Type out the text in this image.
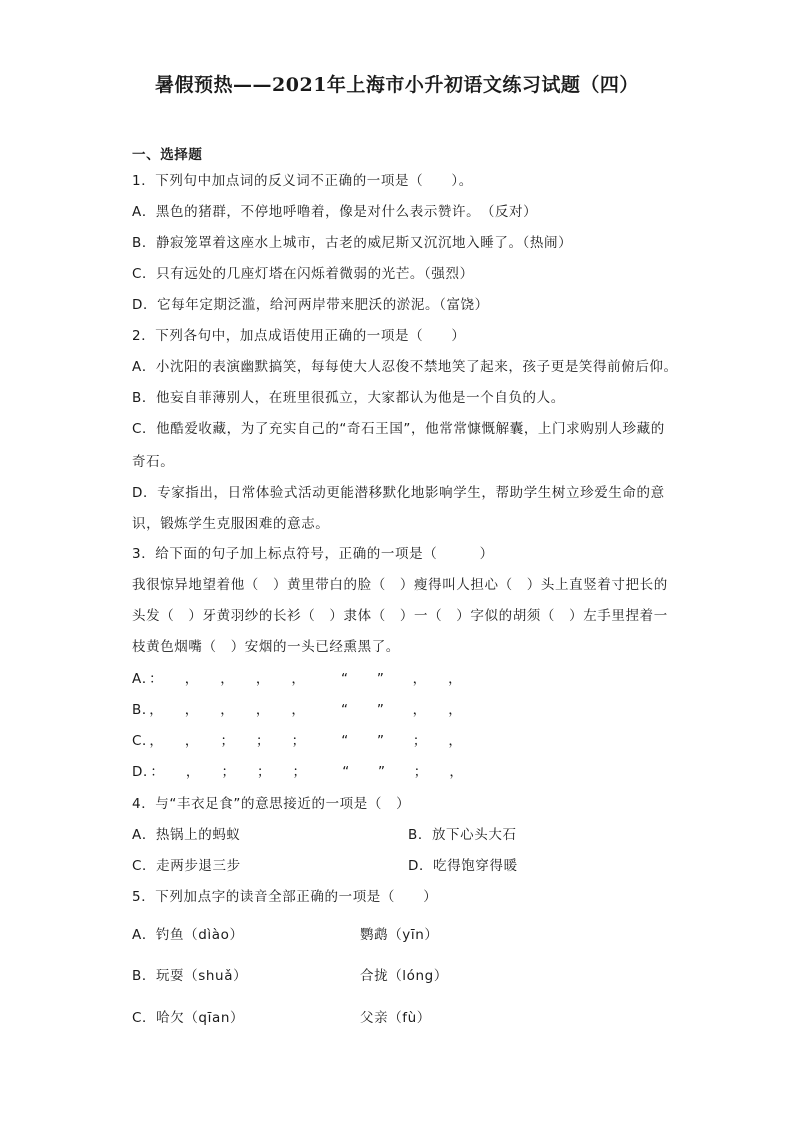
暑假预热——2021年上海市小升初语文练习试题（四）
一、选择题
1．下列句中加点词的反义词不正确的一项是（　　）。
A．黑色的猪群，不停地呼噜着，像是对什么表示赞许。　（反对）
B．静寂笼罩着这座水上城市，古老的威尼斯又沉沉地入睡了。（热闹）
C．只有远处的几座灯塔在闪烁着微弱的光芒。（强烈）
D．它每年定期泛滥，给河两岸带来肥沃的淤泥。（富饶）
2．下列各句中，加点成语使用正确的一项是（　　）
A．小沈阳的表演幽默搞笑，每每使大人忍俊不禁地笑了起来，孩子更是笑得前俯后仰。
B．他妄自菲薄别人，在班里很孤立，大家都认为他是一个自负的人。
C．他酷爱收藏，为了充实自己的“奇石王国”，他常常慷慨解囊，上门求购别人珍藏的
奇石。
D．专家指出，日常体验式活动更能潜移默化地影响学生，帮助学生树立珍爱生命的意
识，锻炼学生克服困难的意志。
3．给下面的句子加上标点符号，正确的一项是（　　　）
我很惊异地望着他（　）黄里带白的脸（　）瘦得叫人担心（　）头上直竖着寸把长的
头发（　）牙黄羽纱的长衫（　）隶体（　）一（　）字似的胡须（　）左手里捏着一
枝黄色烟嘴（　）安烟的一头已经熏黑了。
A．：　　，　　，　　，　　，　　　“　　”　　，　　，
B．，　　，　　，　　，　　，　　　“　　”　　，　　，
C．，　　，　　；　　；　　；　　　“　　”　　；　　，
D．：　　，　　；　　；　　；　　　“　　”　　；　　，
4．与“丰衣足食”的意思接近的一项是（　）
A．热锅上的蚂蚁	B．放下心头大石
C．走两步退三步	D．吃得饱穿得暖
5．下列加点字的读音全部正确的一项是（　　）
A．钓鱼（dìào）	鹦鹉（yīn）
B．玩耍（shuǎ）	合拢（lóng）
C．哈欠（qīan）	父亲（fù）
